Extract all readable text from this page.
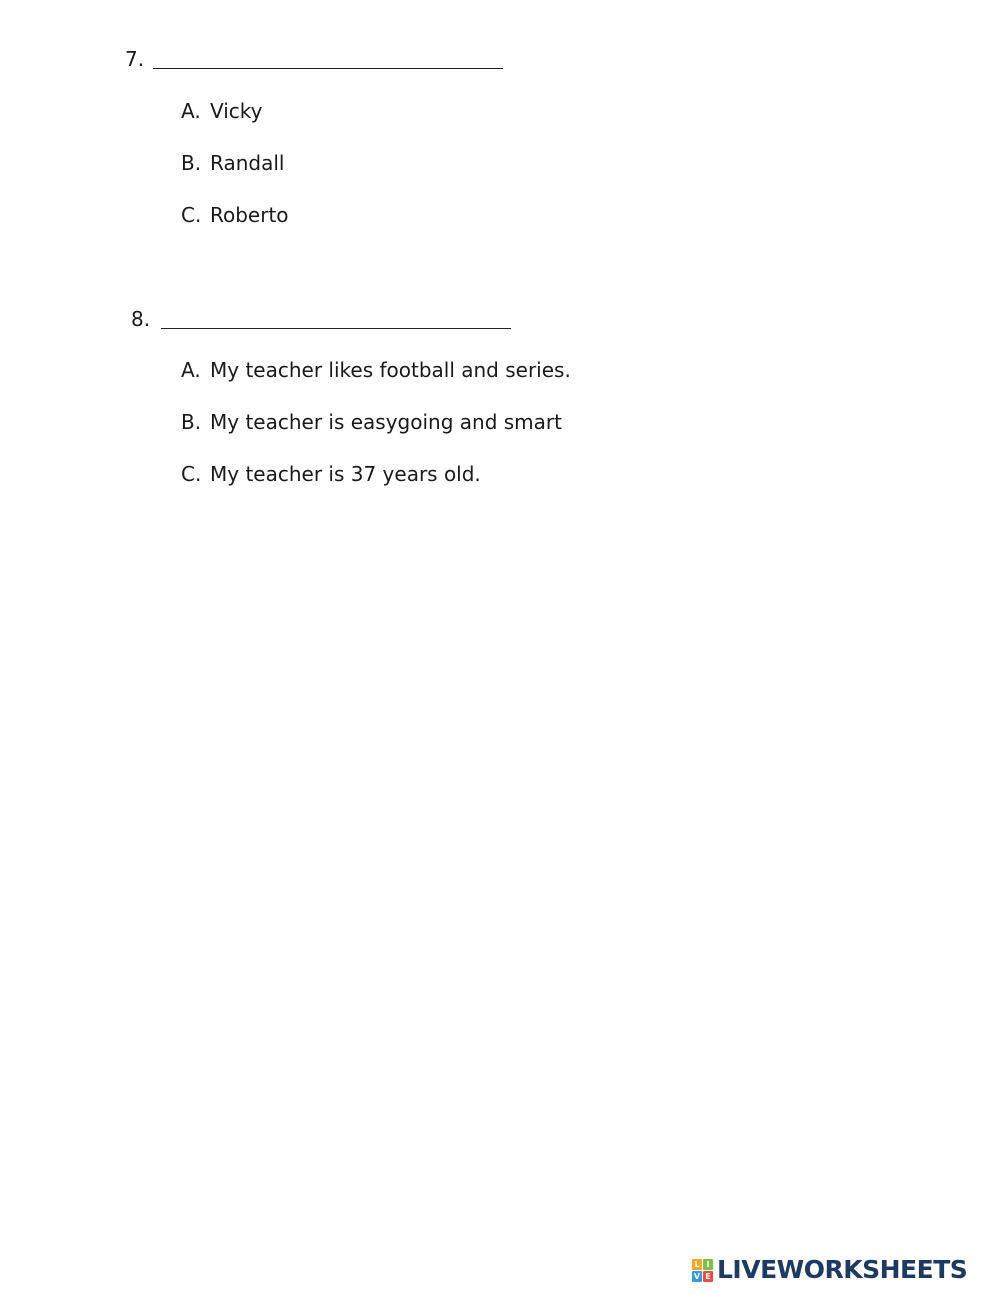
7.
A. Vicky
B. Randall
C. Roberto
8.
A. My teacher likes football and series.
B. My teacher is easygoing and smart
C. My teacher is 37 years old.
L I
V E LIVEWORKSHEETS
